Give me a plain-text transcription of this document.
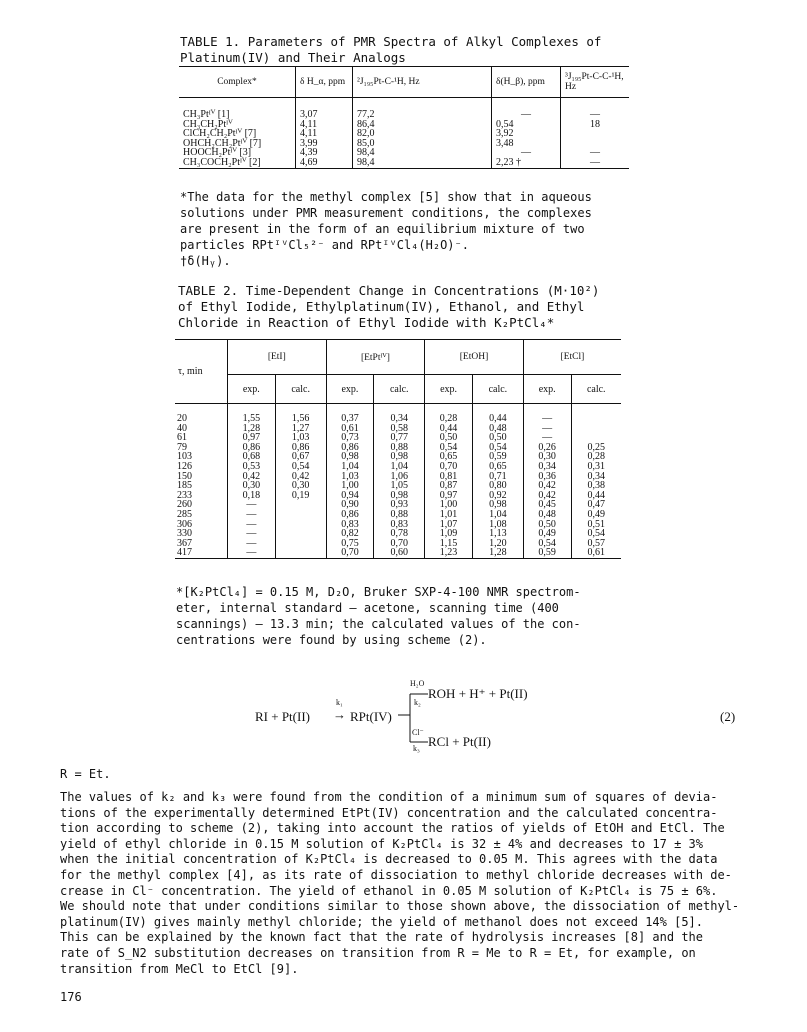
TABLE 1. Parameters of PMR Spectra of Alkyl Complexes of
Platinum(IV) and Their Analogs
Complex*	δ H_α, ppm	²J₁₉₅Pt-C-¹H, Hz	δ(H_β), ppm	³J₁₉₅Pt-C-C-¹H, Hz
CH₃Ptᴵⱽ [1]	3,07	77,2	—	—
CH₃CH₂Ptᴵⱽ	4,11	86,4	0,54	18
ClCH₂CH₂Ptᴵⱽ [7]	4,11	82,0	3,92	
OHCH₂CH₂Ptᴵⱽ [7]	3,99	85,0	3,48	
HOOCH₂Ptᴵⱽ [3]	4,39	98,4	—	—
CH₃COCH₂Ptᴵⱽ [2]	4,69	98,4	2,23 †	—
*The data for the methyl complex [5] show that in aqueous
solutions under PMR measurement conditions, the complexes
are present in the form of an equilibrium mixture of two
particles RPtᴵⱽCl₅²⁻ and RPtᴵⱽCl₄(H₂O)⁻.
†δ(Hᵧ).
TABLE 2. Time-Dependent Change in Concentrations (M·10²)
of Ethyl Iodide, Ethylplatinum(IV), Ethanol, and Ethyl
Chloride in Reaction of Ethyl Iodide with K₂PtCl₄*
τ, min	[EtI]		[EtPtᴵⱽ]		[EtOH]		[EtCl]	
	exp.	calc.	exp.	calc.	exp.	calc.	exp.	calc.
20	1,55	1,56	0,37	0,34	0,28	0,44	—	
40	1,28	1,27	0,61	0,58	0,44	0,48	—	
61	0,97	1,03	0,73	0,77	0,50	0,50	—	
79	0,86	0,86	0,86	0,88	0,54	0,54	0,26	0,25
103	0,68	0,67	0,98	0,98	0,65	0,59	0,30	0,28
126	0,53	0,54	1,04	1,04	0,70	0,65	0,34	0,31
150	0,42	0,42	1,03	1,06	0,81	0,71	0,36	0,34
185	0,30	0,30	1,00	1,05	0,87	0,80	0,42	0,38
233	0,18	0,19	0,94	0,98	0,97	0,92	0,42	0,44
260	—		0,90	0,93	1,00	0,98	0,45	0,47
285	—		0,86	0,88	1,01	1,04	0,48	0,49
306	—		0,83	0,83	1,07	1,08	0,50	0,51
330	—		0,82	0,78	1,09	1,13	0,49	0,54
367	—		0,75	0,70	1,15	1,20	0,54	0,57
417	—		0,70	0,60	1,23	1,28	0,59	0,61
*[K₂PtCl₄] = 0.15 M, D₂O, Bruker SXP-4-100 NMR spectrom-
eter, internal standard — acetone, scanning time (400
scannings) — 13.3 min; the calculated values of the con-
centrations were found by using scheme (2).
RI + Pt(II)
k₁
→ RPt(IV)
H₂O
k₂
ROH + H⁺ + Pt(II)
Cl⁻
k₃ RCl + Pt(II)
(2)
R = Et.
The values of k₂ and k₃ were found from the condition of a minimum sum of squares of devia-
tions of the experimentally determined EtPt(IV) concentration and the calculated concentra-
tion according to scheme (2), taking into account the ratios of yields of EtOH and EtCl. The
yield of ethyl chloride in 0.15 M solution of K₂PtCl₄ is 32 ± 4% and decreases to 17 ± 3%
when the initial concentration of K₂PtCl₄ is decreased to 0.05 M. This agrees with the data
for the methyl complex [4], as its rate of dissociation to methyl chloride decreases with de-
crease in Cl⁻ concentration. The yield of ethanol in 0.05 M solution of K₂PtCl₄ is 75 ± 6%.
We should note that under conditions similar to those shown above, the dissociation of methyl-
platinum(IV) gives mainly methyl chloride; the yield of methanol does not exceed 14% [5].
This can be explained by the known fact that the rate of hydrolysis increases [8] and the
rate of S_N2 substitution decreases on transition from R = Me to R = Et, for example, on
transition from MeCl to EtCl [9].
176
